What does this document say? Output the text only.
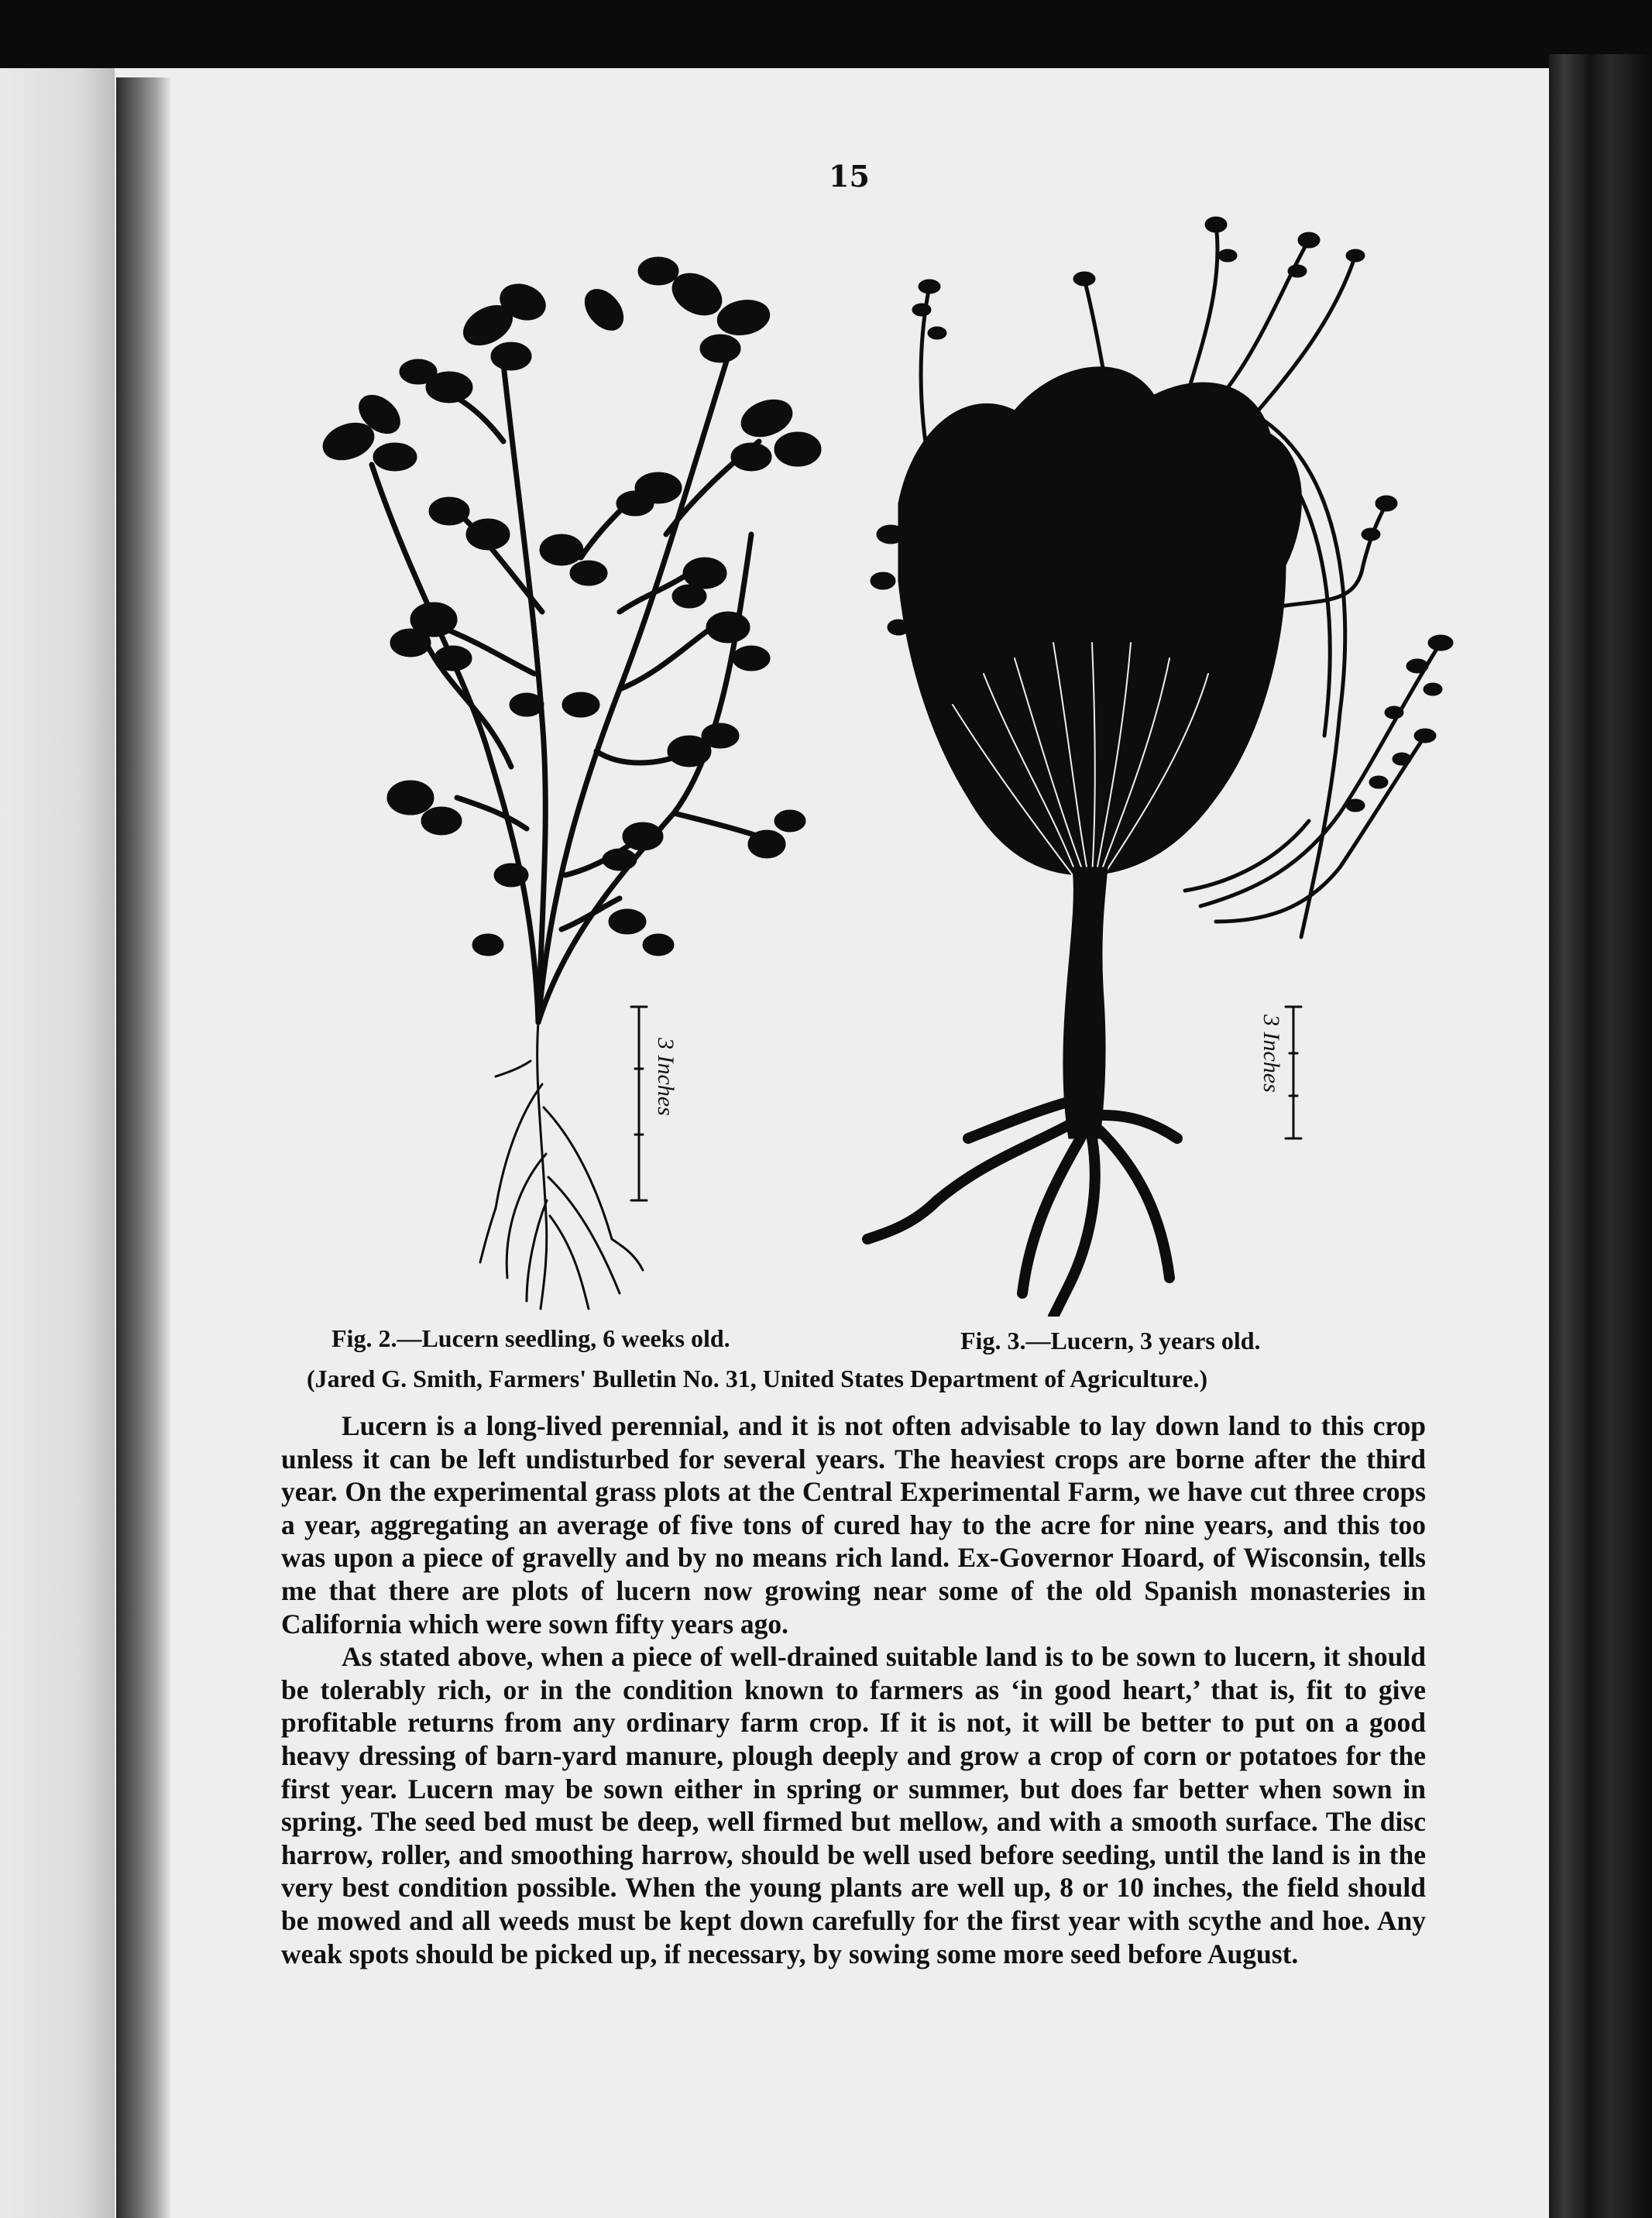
15
3 Inches	3 Inches
Fig. 2.—Lucern seedling, 6 weeks old.	Fig. 3.—Lucern, 3 years old.
(Jared G. Smith, Farmers' Bulletin No. 31, United States Department of Agriculture.)

Lucern is a long-lived perennial, and it is not often advisable to lay down land to this crop unless it can be left undisturbed for several years. The heaviest crops are borne after the third year. On the experimental grass plots at the Central Experimental Farm, we have cut three crops a year, aggregating an average of five tons of cured hay to the acre for nine years, and this too was upon a piece of gravelly and by no means rich land. Ex-Governor Hoard, of Wisconsin, tells me that there are plots of lucern now growing near some of the old Spanish monasteries in California which were sown fifty years ago.

As stated above, when a piece of well-drained suitable land is to be sown to lucern, it should be tolerably rich, or in the condition known to farmers as ‘in good heart,’ that is, fit to give profitable returns from any ordinary farm crop. If it is not, it will be better to put on a good heavy dressing of barn-yard manure, plough deeply and grow a crop of corn or potatoes for the first year. Lucern may be sown either in spring or summer, but does far better when sown in spring. The seed bed must be deep, well firmed but mellow, and with a smooth surface. The disc harrow, roller, and smoothing harrow, should be well used before seeding, until the land is in the very best condition possible. When the young plants are well up, 8 or 10 inches, the field should be mowed and all weeds must be kept down carefully for the first year with scythe and hoe. Any weak spots should be picked up, if necessary, by sowing some more seed before August.
